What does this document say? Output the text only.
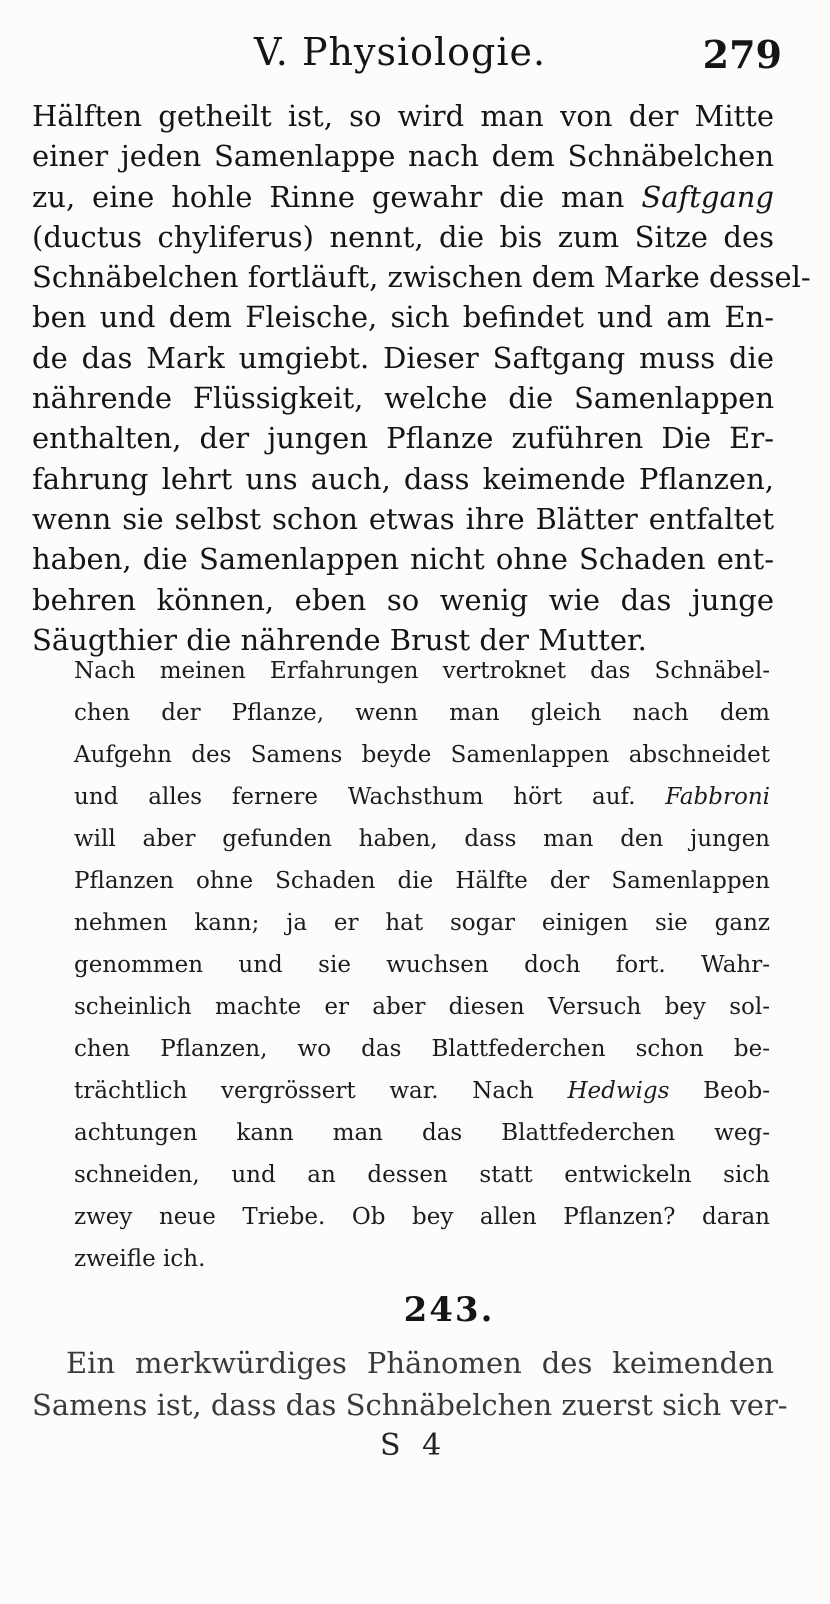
V. Physiologie.	279
Hälften getheilt ist, so wird man von der Mitte
einer jeden Samenlappe nach dem Schnäbelchen
zu, eine hohle Rinne gewahr die man Saftgang
(ductus chyliferus) nennt, die bis zum Sitze des
Schnäbelchen fortläuft, zwischen dem Marke dessel-
ben und dem Fleische, sich befindet und am En-
de das Mark umgiebt. Dieser Saftgang muss die
nährende Flüssigkeit, welche die Samenlappen
enthalten, der jungen Pflanze zuführen Die Er-
fahrung lehrt uns auch, dass keimende Pflanzen,
wenn sie selbst schon etwas ihre Blätter entfaltet
haben, die Samenlappen nicht ohne Schaden ent-
behren können, eben so wenig wie das junge
Säugthier die nährende Brust der Mutter.
Nach meinen Erfahrungen vertroknet das Schnäbel-
chen der Pflanze, wenn man gleich nach dem
Aufgehn des Samens beyde Samenlappen abschneidet
und alles fernere Wachsthum hört auf. Fabbroni
will aber gefunden haben, dass man den jungen
Pflanzen ohne Schaden die Hälfte der Samenlappen
nehmen kann; ja er hat sogar einigen sie ganz
genommen und sie wuchsen doch fort. Wahr-
scheinlich machte er aber diesen Versuch bey sol-
chen Pflanzen, wo das Blattfederchen schon be-
trächtlich vergrössert war. Nach Hedwigs Beob-
achtungen kann man das Blattfederchen weg-
schneiden, und an dessen statt entwickeln sich
zwey neue Triebe. Ob bey allen Pflanzen? daran
zweifle ich.
243.
Ein merkwürdiges Phänomen des keimenden
Samens ist, dass das Schnäbelchen zuerst sich ver-
S 4
